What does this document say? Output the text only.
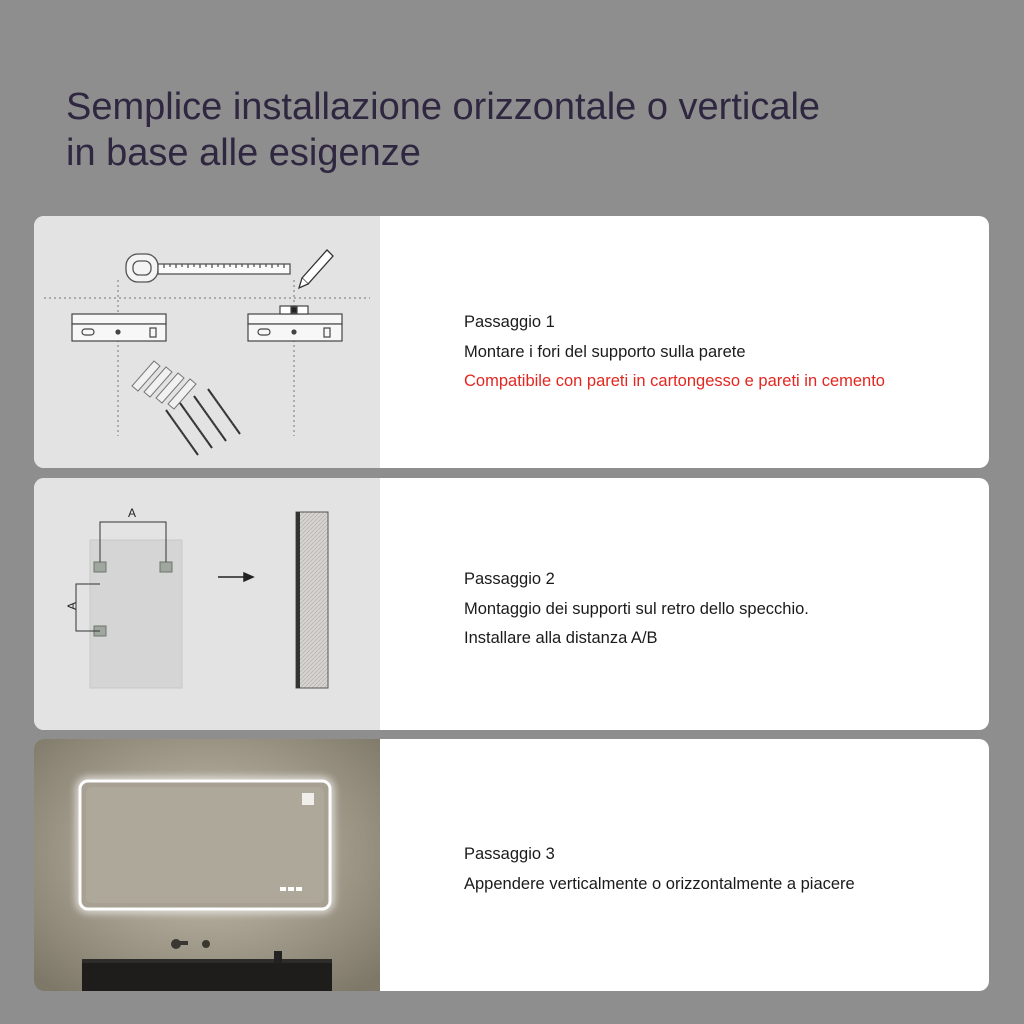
Semplice installazione orizzontale o verticale
in base alle esigenze
Passaggio 1
Montare i fori del supporto sulla parete
Compatibile con pareti in cartongesso e pareti in cemento
A
A
Passaggio 2
Montaggio dei supporti sul retro dello specchio.
Installare alla distanza A/B
Passaggio 3
Appendere verticalmente o orizzontalmente a piacere
